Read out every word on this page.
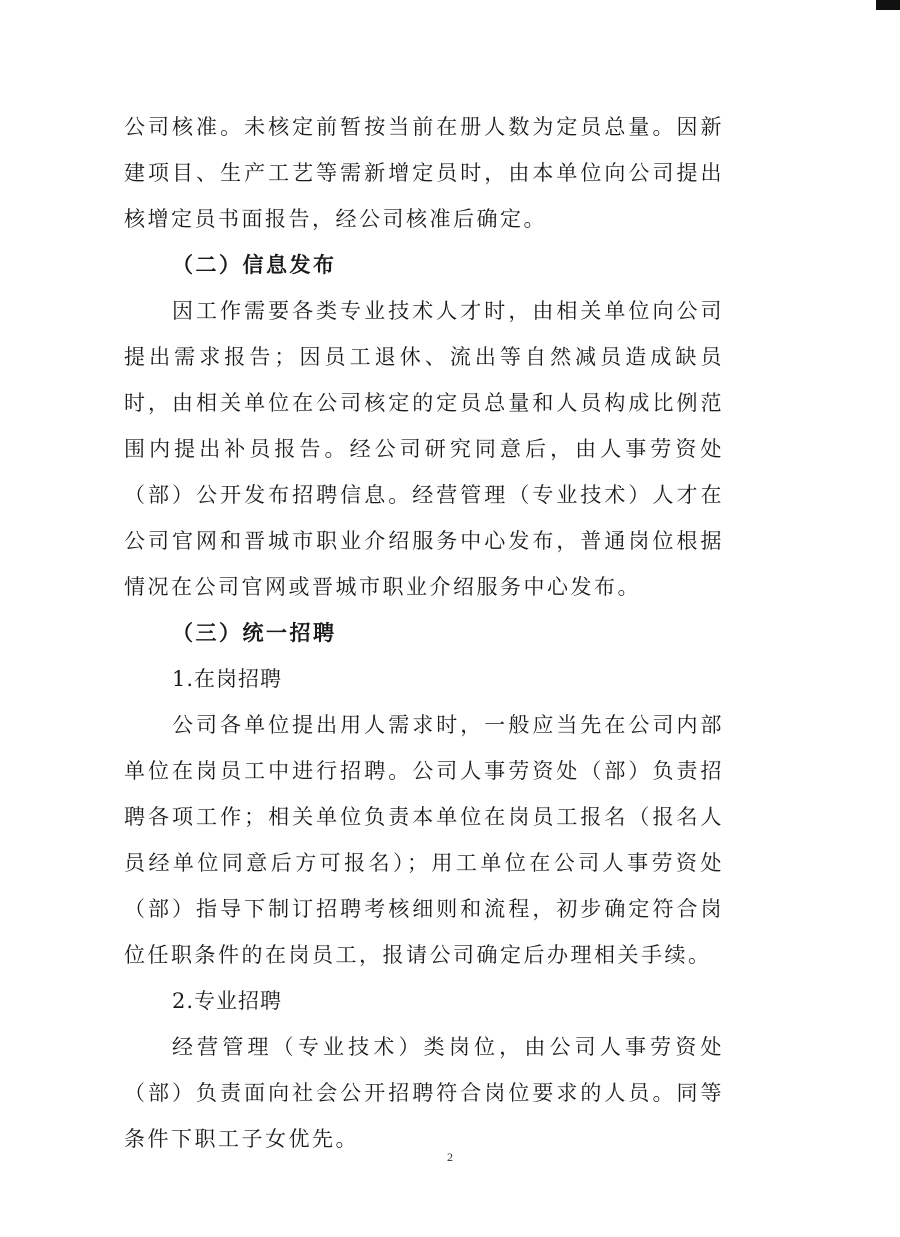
公司核准。未核定前暂按当前在册人数为定员总量。因新建项目、生产工艺等需新增定员时，由本单位向公司提出核增定员书面报告，经公司核准后确定。

（二）信息发布

因工作需要各类专业技术人才时，由相关单位向公司提出需求报告；因员工退休、流出等自然减员造成缺员时，由相关单位在公司核定的定员总量和人员构成比例范围内提出补员报告。经公司研究同意后，由人事劳资处（部）公开发布招聘信息。经营管理（专业技术）人才在公司官网和晋城市职业介绍服务中心发布，普通岗位根据情况在公司官网或晋城市职业介绍服务中心发布。

（三）统一招聘

1.在岗招聘

公司各单位提出用人需求时，一般应当先在公司内部单位在岗员工中进行招聘。公司人事劳资处（部）负责招聘各项工作；相关单位负责本单位在岗员工报名（报名人员经单位同意后方可报名）；用工单位在公司人事劳资处（部）指导下制订招聘考核细则和流程，初步确定符合岗位任职条件的在岗员工，报请公司确定后办理相关手续。

2.专业招聘

经营管理（专业技术）类岗位，由公司人事劳资处（部）负责面向社会公开招聘符合岗位要求的人员。同等条件下职工子女优先。

2
